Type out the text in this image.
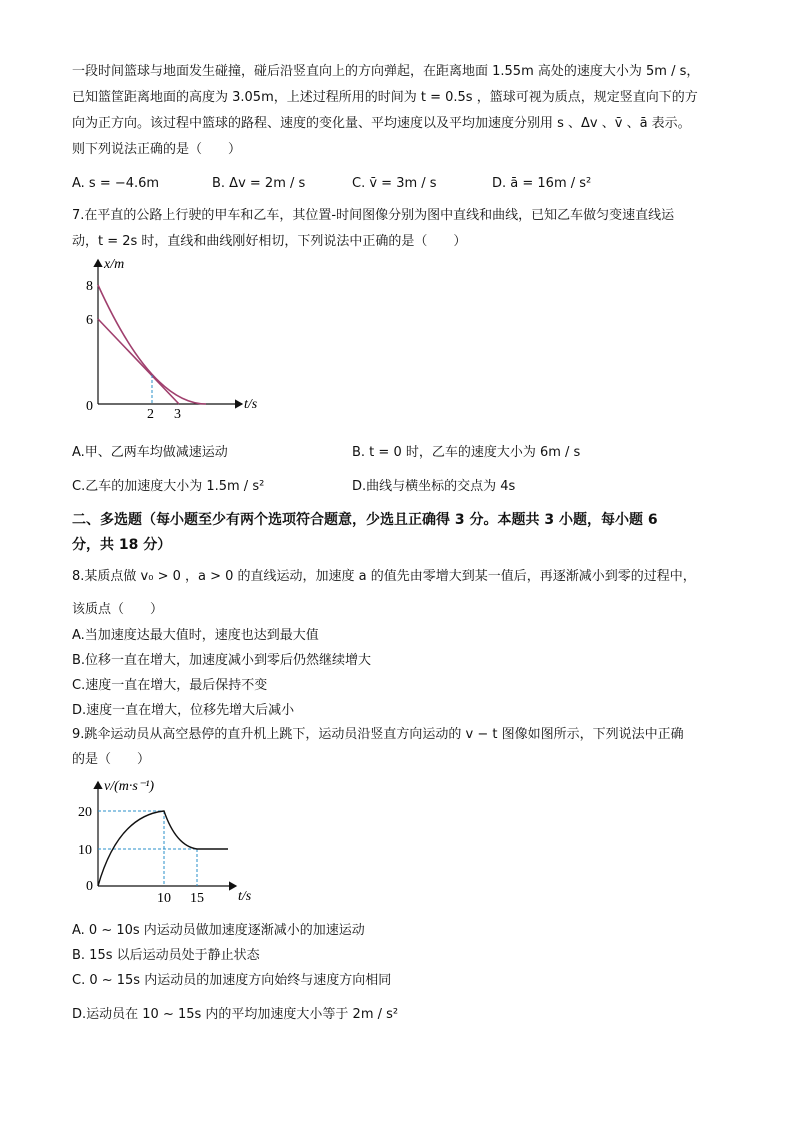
一段时间篮球与地面发生碰撞，碰后沿竖直向上的方向弹起，在距离地面 1.55m 高处的速度大小为 5m / s，
已知篮筐距离地面的高度为 3.05m，上述过程所用的时间为 t = 0.5s ，篮球可视为质点，规定竖直向下的方
向为正方向。该过程中篮球的路程、速度的变化量、平均速度以及平均加速度分别用 s 、Δv 、v̄ 、ā 表示。
则下列说法正确的是（　　）
A. s = −4.6m	B. Δv = 2m / s	C. v̄ = 3m / s	D. ā = 16m / s²
7.在平直的公路上行驶的甲车和乙车，其位置-时间图像分别为图中直线和曲线，已知乙车做匀变速直线运
动，t = 2s 时，直线和曲线刚好相切，下列说法中正确的是（　　）
x/m
t/s
8
6
2 3
0
A.甲、乙两车均做减速运动	B. t = 0 时，乙车的速度大小为 6m / s
C.乙车的加速度大小为 1.5m / s²	D.曲线与横坐标的交点为 4s
二、多选题（每小题至少有两个选项符合题意，少选且正确得 3 分。本题共 3 小题，每小题 6
分，共 18 分）
8.某质点做 v₀ > 0 ，a > 0 的直线运动，加速度 a 的值先由零增大到某一值后，再逐渐减小到零的过程中，
该质点（　　）
A.当加速度达最大值时，速度也达到最大值
B.位移一直在增大，加速度减小到零后仍然继续增大
C.速度一直在增大，最后保持不变
D.速度一直在增大，位移先增大后减小
9.跳伞运动员从高空悬停的直升机上跳下，运动员沿竖直方向运动的 v − t 图像如图所示，下列说法中正确
的是（　　）
v/(m·s⁻¹)
t/s
20
10
10 15
0
A. 0 ~ 10s 内运动员做加速度逐渐减小的加速运动
B. 15s 以后运动员处于静止状态
C. 0 ~ 15s 内运动员的加速度方向始终与速度方向相同
D.运动员在 10 ~ 15s 内的平均加速度大小等于 2m / s²
